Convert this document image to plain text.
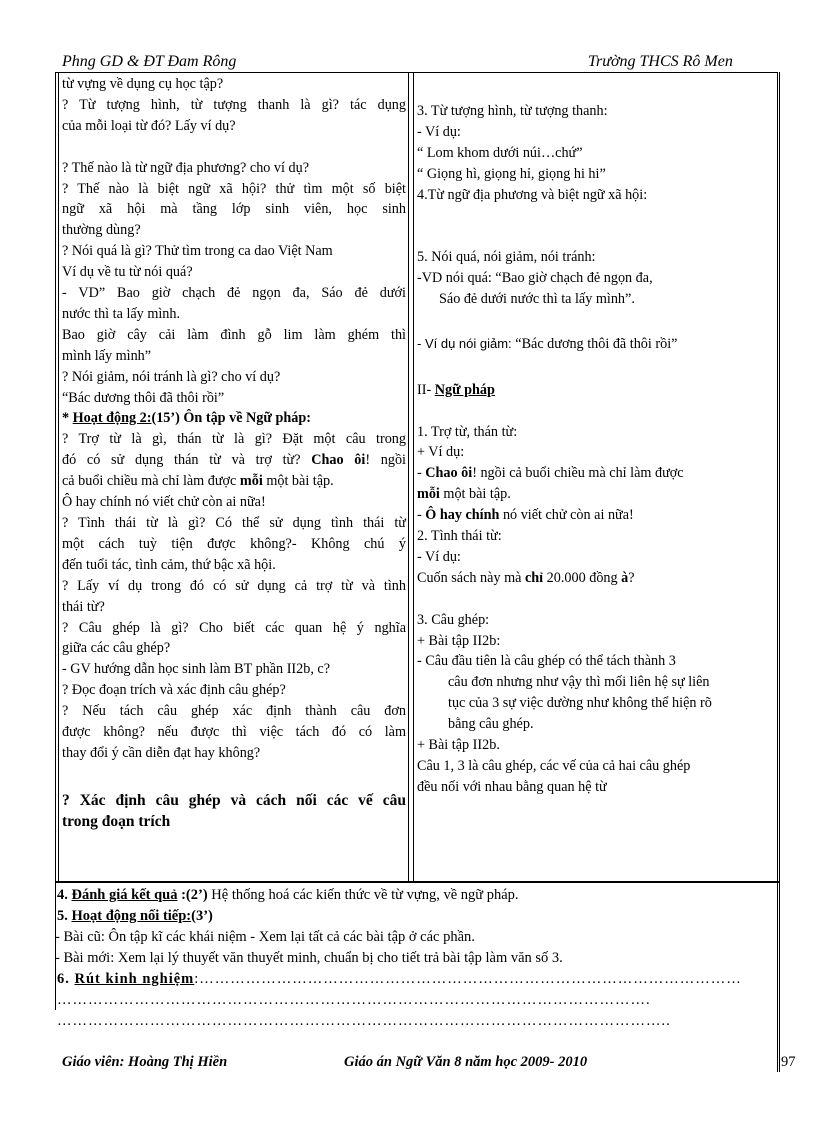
Phng GD & ĐT Đam Rông	Trường THCS Rô Men
từ vựng về dụng cụ học tập?
? Từ tượng hình, từ tượng thanh là gì? tác dụng
của mỗi loại từ đó? Lấy ví dụ?
? Thế nào là từ ngữ địa phương? cho ví dụ?
? Thế nào là biệt ngữ xã hội? thử tìm một số biệt
ngữ xã hội mà tầng lớp sinh viên, học sinh
thường dùng?
? Nói quá là gì? Thử tìm trong ca dao Việt Nam
Ví dụ về tu từ nói quá?
- VD” Bao giờ chạch đẻ ngọn đa, Sáo đẻ dưới
nước thì ta lấy mình.
Bao giờ cây cải làm đình gỗ lim làm ghém thì
mình lấy mình”
? Nói giảm, nói tránh là gì? cho ví dụ?
“Bác dương thôi đã thôi rồi”
* Hoạt động 2:(15’) Ôn tập về Ngữ pháp:
? Trợ từ là gì, thán từ là gì? Đặt một câu trong
đó có sử dụng thán từ và trợ từ? Chao ôi! ngồi
cả buổi chiều mà chỉ làm được mỗi một bài tập.
Ô hay chính nó viết chử còn ai nữa!
? Tình thái từ là gì? Có thể sử dụng tình thái từ
một cách tuỳ tiện được không?- Không chú ý
đến tuổi tác, tình cảm, thứ bậc xã hội.
? Lấy ví dụ trong đó có sử dụng cả trợ từ và tình
thái từ?
? Câu ghép là gì? Cho biết các quan hệ ý nghĩa
giữa các câu ghép?
- GV hướng dẫn học sinh làm BT phần II2b, c?
? Đọc đoạn trích và xác định câu ghép?
? Nếu tách câu ghép xác định thành câu đơn
được không? nếu được thì việc tách đó có làm
thay đổi ý cần diễn đạt hay không?
? Xác định câu ghép và cách nối các vế câu
trong đoạn trích
3. Từ tượng hình, từ tượng thanh:
- Ví dụ:
“ Lom khom dưới núi…chứ”
“ Giọng hì, giọng hỉ, giọng hi hi”
4.Từ ngữ địa phương và biệt ngữ xã hội:
5. Nói quá, nói giảm, nói tránh:
-VD nói quá: “Bao giờ chạch đẻ ngọn đa,
Sáo đẻ dưới nước thì ta lấy mình”.
- Ví dụ nói giảm: “Bác dương thôi đã thôi rồi”
II- Ngữ pháp
1. Trợ từ, thán từ:
+ Ví dụ:
- Chao ôi! ngồi cả buổi chiều mà chỉ làm được
mỗi một bài tập.
- Ô hay chính nó viết chử còn ai nữa!
2. Tình thái từ:
- Ví dụ:
Cuốn sách này mà chỉ 20.000 đồng à?
3. Câu ghép:
+ Bài tập II2b:
- Câu đầu tiên là câu ghép có thể tách thành 3
câu đơn nhưng như vậy thì mối liên hệ sự liên
tục của 3 sự việc dường như không thể hiện rõ
bằng câu ghép.
+ Bài tập II2b.
Câu 1, 3 là câu ghép, các vế của cả hai câu ghép
đều nối với nhau bằng quan hệ từ
4. Đánh giá kết quả :(2’) Hệ thống hoá các kiến thức về từ vựng, về ngữ pháp.
5. Hoạt động nối tiếp:(3’)
- Bài cũ: Ôn tập kĩ các khái niệm - Xem lại tất cả các bài tập ở các phần.
- Bài mới: Xem lại lý thuyết văn thuyết minh, chuẩn bị cho tiết trả bài tập làm văn số 3.
6. Rút kinh nghiệm:……………………………………………………………………………………………
…………………………………………………………………………………………………….
………………………………………………………………………………………………………..
Giáo viên: Hoàng Thị Hiền	Giáo án Ngữ Văn 8 năm học 2009- 2010	97
